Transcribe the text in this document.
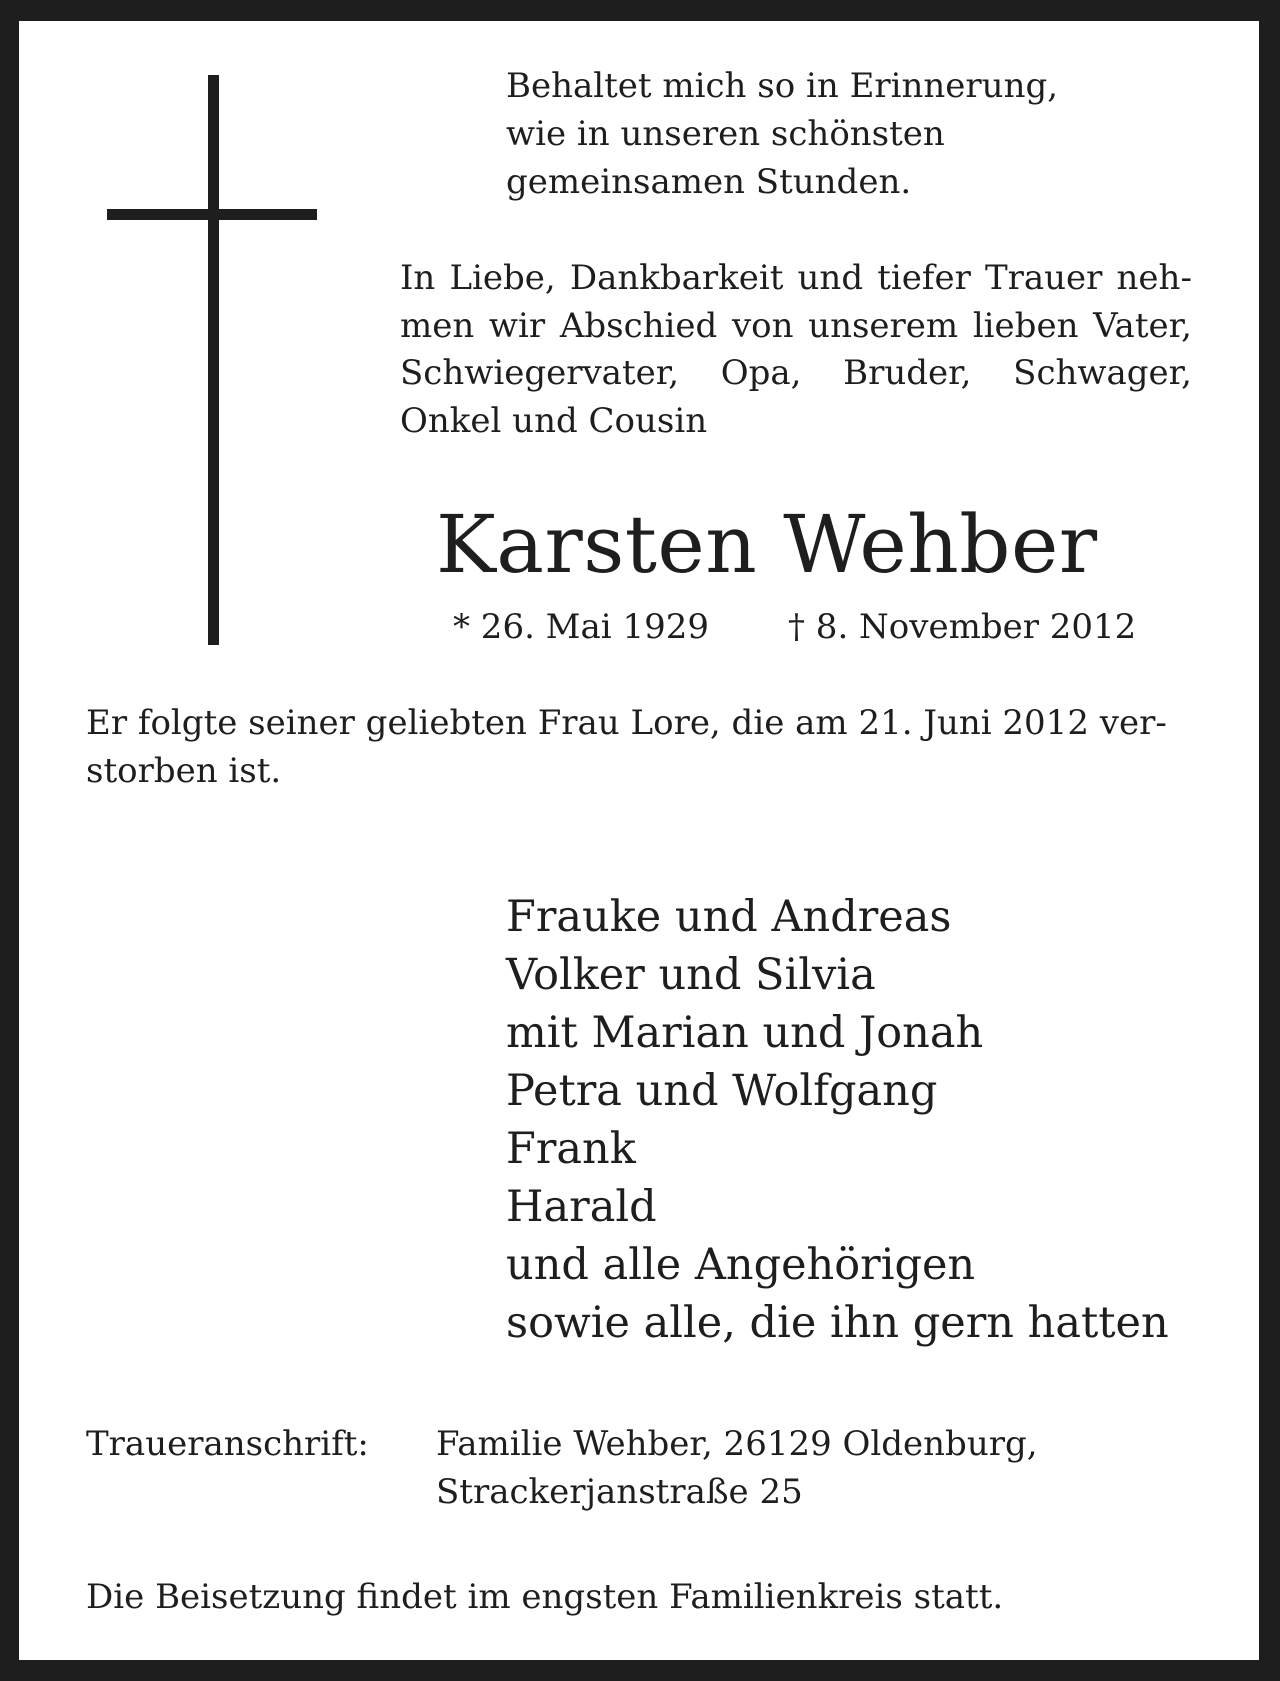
Behaltet mich so in Erinnerung,
wie in unseren schönsten
gemeinsamen Stunden.
In Liebe, Dankbarkeit und tiefer Trauer neh-
men wir Abschied von unserem lieben Vater,
Schwiegervater, Opa, Bruder, Schwager,
Onkel und Cousin
Karsten Wehber

* 26. Mai 1929 † 8. November 2012

Er folgte seiner geliebten Frau Lore, die am 21. Juni 2012 ver-
storben ist.
Frauke und Andreas
Volker und Silvia
mit Marian und Jonah
Petra und Wolfgang
Frank
Harald
und alle Angehörigen
sowie alle, die ihn gern hatten

Traueranschrift: Familie Wehber, 26129 Oldenburg,
Strackerjanstraße 25

Die Beisetzung findet im engsten Familienkreis statt.
